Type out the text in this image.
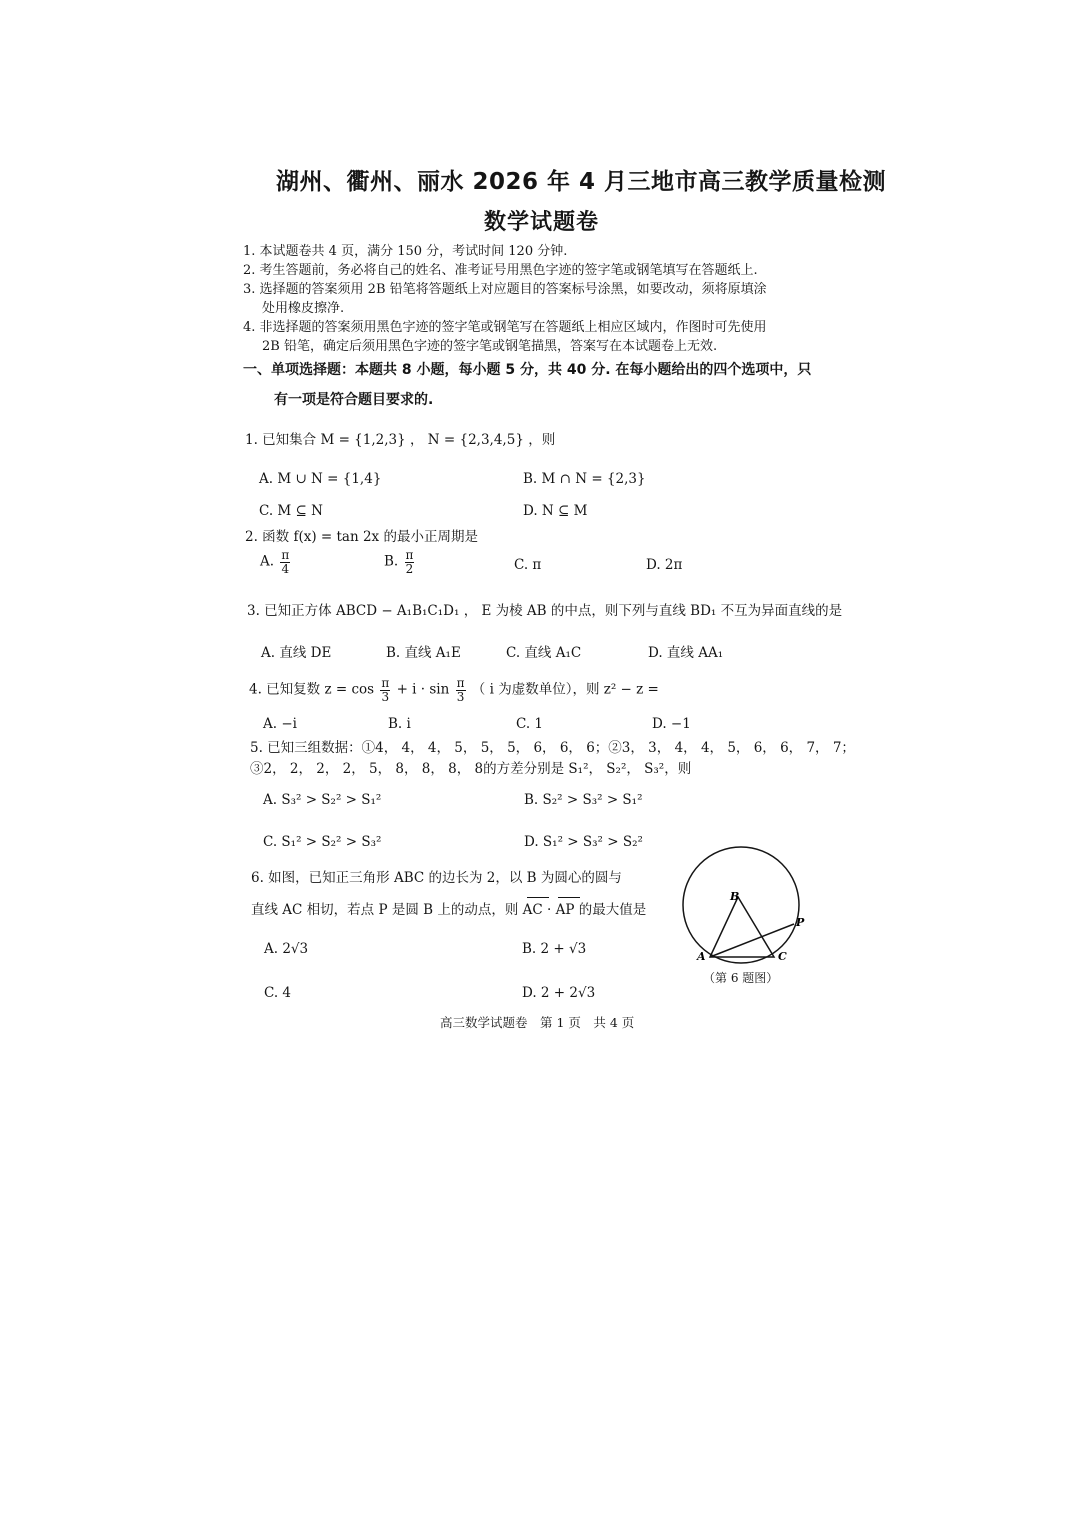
湖州、衢州、丽水 2026 年 4 月三地市高三教学质量检测
数学试题卷
1. 本试题卷共 4 页，满分 150 分，考试时间 120 分钟.
2. 考生答题前，务必将自己的姓名、准考证号用黑色字迹的签字笔或钢笔填写在答题纸上.
3. 选择题的答案须用 2B 铅笔将答题纸上对应题目的答案标号涂黑，如要改动，须将原填涂
处用橡皮擦净.
4. 非选择题的答案须用黑色字迹的签字笔或钢笔写在答题纸上相应区域内，作图时可先使用
2B 铅笔，确定后须用黑色字迹的签字笔或钢笔描黑，答案写在本试题卷上无效.
一、单项选择题：本题共 8 小题，每小题 5 分，共 40 分. 在每小题给出的四个选项中，只
有一项是符合题目要求的.
1. 已知集合 M = {1,2,3} ， N = {2,3,4,5} ，则
A. M ∪ N = {1,4}	B. M ∩ N = {2,3}
C. M ⊆ N	D. N ⊆ M
2. 函数 f(x) = tan 2x 的最小正周期是
A. $\frac{\pi}{4}$	B. $\frac{\pi}{2}$	C. π	D. 2π
3. 已知正方体 ABCD − A₁B₁C₁D₁ ， E 为棱 AB 的中点，则下列与直线 BD₁ 不互为异面直线的是
A. 直线 DE	B. 直线 A₁E	C. 直线 A₁C	D. 直线 AA₁
4. 已知复数 $z = \cos \frac{\pi}{3} + i \cdot \sin \frac{\pi}{3}$ （ i 为虚数单位），则 z² − z =
A. −i	B. i	C. 1	D. −1
5. 已知三组数据：①4， 4， 4， 5， 5， 5， 6， 6， 6；②3， 3， 4， 4， 5， 6， 6， 7， 7；
③2， 2， 2， 2， 5， 8， 8， 8， 8的方差分别是 S₁²， S₂²， S₃²，则
A. S₃² > S₂² > S₁²	B. S₂² > S₃² > S₁²
C. S₁² > S₂² > S₃²	D. S₁² > S₃² > S₂²
6. 如图，已知正三角形 ABC 的边长为 2，以 B 为圆心的圆与
直线 AC 相切，若点 P 是圆 B 上的动点，则 AC · AP 的最大值是
A. 2√3	B. 2 + √3
C. 4	D. 2 + 2√3
B
A	C
P
（第 6 题图）
高三数学试题卷　第 1 页　共 4 页
